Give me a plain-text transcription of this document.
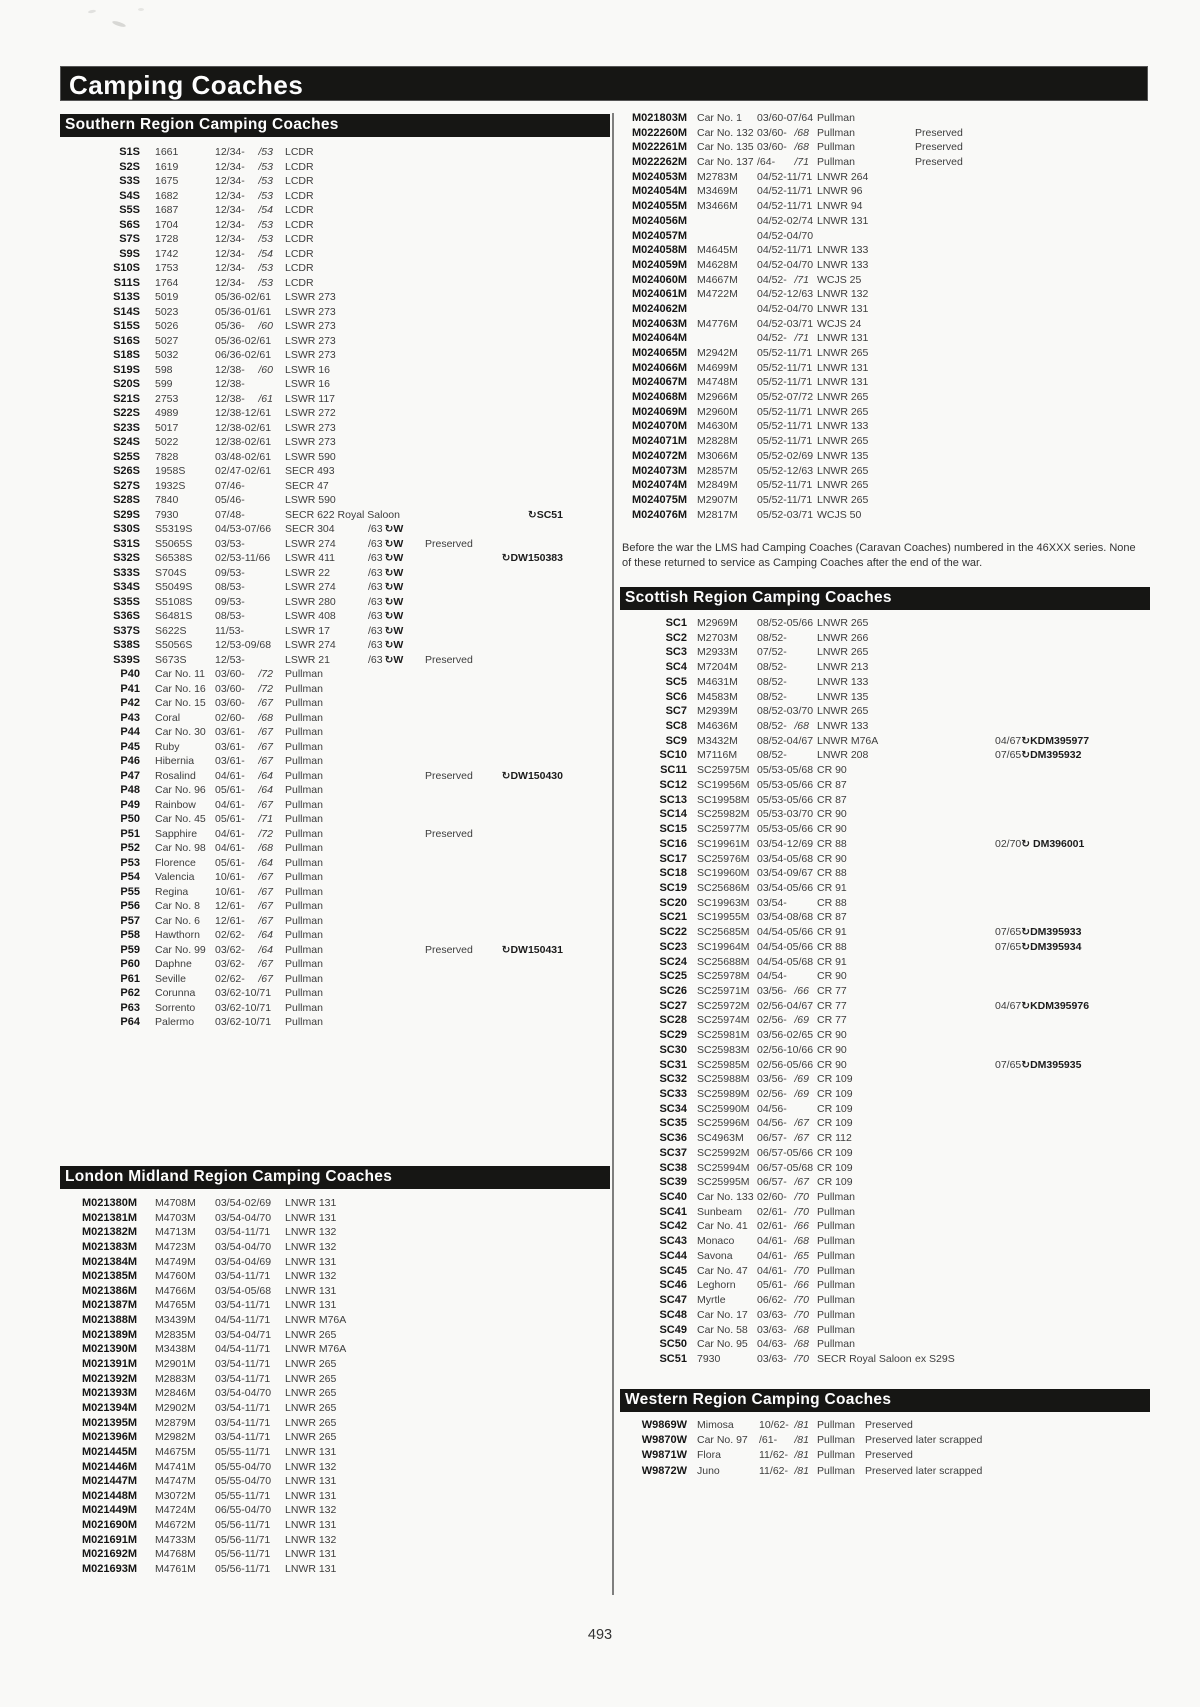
Camping Coaches
Southern Region Camping Coaches
S1S	1661	12/34- /53 LCDR
S2S	1619	12/34- /53 LCDR
S3S	1675	12/34- /53 LCDR
S4S	1682	12/34- /53 LCDR
S5S	1687	12/34- /54 LCDR
S6S	1704	12/34- /53 LCDR
S7S	1728	12/34- /53 LCDR
S9S	1742	12/34- /54 LCDR
S10S	1753	12/34- /53 LCDR
S11S	1764	12/34- /53 LCDR
S13S	5019	05/36-02/61 LSWR 273
S14S	5023	05/36-01/61 LSWR 273
S15S	5026	05/36- /60 LSWR 273
S16S	5027	05/36-02/61 LSWR 273
S18S	5032	06/36-02/61 LSWR 273
S19S	598	12/38- /60 LSWR 16
S20S	599	12/38-	LSWR 16
S21S	2753	12/38- /61 LSWR 117
S22S	4989	12/38-12/61 LSWR 272
S23S	5017	12/38-02/61 LSWR 273
S24S	5022	12/38-02/61 LSWR 273
S25S	7828	03/48-02/61 LSWR 590
S26S	1958S	02/47-02/61 SECR 493
S27S	1932S	07/46-	SECR 47
S28S	7840	05/46-	LSWR 590
S29S	7930	07/48-	SECR 622 Royal Saloon	↻SC51
S30S	S5319S	04/53-07/66 SECR 304	/63 ↻W
S31S	S5065S	03/53-	LSWR 274	/63 ↻W	Preserved
S32S	S6538S	02/53-11/66 LSWR 411	/63 ↻W	↻DW150383
S33S	S704S	09/53-	LSWR 22	/63 ↻W
S34S	S5049S	08/53-	LSWR 274	/63 ↻W
S35S	S5108S	09/53-	LSWR 280	/63 ↻W
S36S	S6481S	08/53-	LSWR 408	/63 ↻W
S37S	S622S	11/53-	LSWR 17	/63 ↻W
S38S	S5056S	12/53-09/68 LSWR 274	/63 ↻W
S39S	S673S	12/53-	LSWR 21	/63 ↻W	Preserved
P40	Car No. 11 03/60- /72 Pullman
P41	Car No. 16 03/60- /72 Pullman
P42	Car No. 15 03/60- /67 Pullman
P43	Coral	02/60- /68 Pullman
P44	Car No. 30 03/61- /67 Pullman
P45	Ruby	03/61- /67 Pullman
P46	Hibernia	03/61- /67 Pullman
P47	Rosalind	04/61- /64 Pullman	Preserved	↻DW150430
P48	Car No. 96 05/61- /64 Pullman
P49	Rainbow	04/61- /67 Pullman
P50	Car No. 45 05/61- /71 Pullman
P51	Sapphire	04/61- /72 Pullman	Preserved
P52	Car No. 98 04/61- /68 Pullman
P53	Florence	05/61- /64 Pullman
P54	Valencia	10/61- /67 Pullman
P55	Regina	10/61- /67 Pullman
P56	Car No. 8	12/61- /67 Pullman
P57	Car No. 6	12/61- /67 Pullman
P58	Hawthorn	02/62- /64 Pullman
P59	Car No. 99 03/62- /64 Pullman	Preserved	↻DW150431
P60	Daphne	03/62- /67 Pullman
P61	Seville	02/62- /67 Pullman
P62	Corunna	03/62-10/71 Pullman
P63	Sorrento	03/62-10/71 Pullman
P64	Palermo	03/62-10/71 Pullman
London Midland Region Camping Coaches
M021380M	M4708M	03/54-02/69 LNWR 131
M021381M	M4703M	03/54-04/70 LNWR 131
M021382M	M4713M	03/54-11/71 LNWR 132
M021383M	M4723M	03/54-04/70 LNWR 132
M021384M	M4749M	03/54-04/69 LNWR 131
M021385M	M4760M	03/54-11/71 LNWR 132
M021386M	M4766M	03/54-05/68 LNWR 131
M021387M	M4765M	03/54-11/71 LNWR 131
M021388M	M3439M	04/54-11/71 LNWR M76A
M021389M	M2835M	03/54-04/71 LNWR 265
M021390M	M3438M	04/54-11/71 LNWR M76A
M021391M	M2901M	03/54-11/71 LNWR 265
M021392M	M2883M	03/54-11/71 LNWR 265
M021393M	M2846M	03/54-04/70 LNWR 265
M021394M	M2902M	03/54-11/71 LNWR 265
M021395M	M2879M	03/54-11/71 LNWR 265
M021396M	M2982M	03/54-11/71 LNWR 265
M021445M	M4675M	05/55-11/71 LNWR 131
M021446M	M4741M	05/55-04/70 LNWR 132
M021447M	M4747M	05/55-04/70 LNWR 131
M021448M	M3072M	05/55-11/71 LNWR 131
M021449M	M4724M	06/55-04/70 LNWR 132
M021690M	M4672M	05/56-11/71 LNWR 131
M021691M	M4733M	05/56-11/71 LNWR 132
M021692M	M4768M	05/56-11/71 LNWR 131
M021693M	M4761M	05/56-11/71 LNWR 131
M021803M Car No. 1	03/60-07/64 Pullman
M022260M Car No. 132 03/60- /68 Pullman	Preserved
M022261M Car No. 135 03/60- /68 Pullman	Preserved
M022262M Car No. 137 /64- /71 Pullman	Preserved
M024053M M2783M	04/52-11/71 LNWR 264
M024054M M3469M	04/52-11/71 LNWR 96
M024055M M3466M	04/52-11/71 LNWR 94
M024056M	04/52-02/74 LNWR 131
M024057M	04/52-04/70
M024058M M4645M	04/52-11/71 LNWR 133
M024059M M4628M	04/52-04/70 LNWR 133
M024060M M4667M	04/52- /71 WCJS 25
M024061M M4722M	04/52-12/63 LNWR 132
M024062M	04/52-04/70 LNWR 131
M024063M M4776M	04/52-03/71 WCJS 24
M024064M	04/52- /71 LNWR 131
M024065M M2942M	05/52-11/71 LNWR 265
M024066M M4699M	05/52-11/71 LNWR 131
M024067M M4748M	05/52-11/71 LNWR 131
M024068M M2966M	05/52-07/72 LNWR 265
M024069M M2960M	05/52-11/71 LNWR 265
M024070M M4630M	05/52-11/71 LNWR 133
M024071M M2828M	05/52-11/71 LNWR 265
M024072M M3066M	05/52-02/69 LNWR 135
M024073M M2857M	05/52-12/63 LNWR 265
M024074M M2849M	05/52-11/71 LNWR 265
M024075M M2907M	05/52-11/71 LNWR 265
M024076M M2817M	05/52-03/71 WCJS 50
Before the war the LMS had Camping Coaches (Caravan Coaches) numbered in the 46XXX series. None
of these returned to service as Camping Coaches after the end of the war.
Scottish Region Camping Coaches
SC1 M2969M	08/52-05/66 LNWR 265
SC2 M2703M	08/52-	LNWR 266
SC3 M2933M	07/52-	LNWR 265
SC4 M7204M	08/52-	LNWR 213
SC5 M4631M	08/52-	LNWR 133
SC6 M4583M	08/52-	LNWR 135
SC7 M2939M	08/52-03/70 LNWR 265
SC8 M4636M	08/52- /68 LNWR 133
SC9 M3432M	08/52-04/67 LNWR M76A	04/67↻KDM395977
SC10 M7116M	08/52-	LNWR 208	07/65↻DM395932
SC11 SC25975M 05/53-05/68 CR 90
SC12 SC19956M 05/53-05/66 CR 87
SC13 SC19958M 05/53-05/66 CR 87
SC14 SC25982M 05/53-03/70 CR 90
SC15 SC25977M 05/53-05/66 CR 90
SC16 SC19961M 03/54-12/69 CR 88	02/70↻ DM396001
SC17 SC25976M 03/54-05/68 CR 90
SC18 SC19960M 03/54-09/67 CR 88
SC19 SC25686M 03/54-05/66 CR 91
SC20 SC19963M 03/54-	CR 88
SC21 SC19955M 03/54-08/68 CR 87
SC22 SC25685M 04/54-05/66 CR 91	07/65↻DM395933
SC23 SC19964M 04/54-05/66 CR 88	07/65↻DM395934
SC24 SC25688M 04/54-05/68 CR 91
SC25 SC25978M 04/54-	CR 90
SC26 SC25971M 03/56- /66 CR 77
SC27 SC25972M 02/56-04/67 CR 77	04/67↻KDM395976
SC28 SC25974M 02/56- /69 CR 77
SC29 SC25981M 03/56-02/65 CR 90
SC30 SC25983M 02/56-10/66 CR 90
SC31 SC25985M 02/56-05/66 CR 90	07/65↻DM395935
SC32 SC25988M 03/56- /69 CR 109
SC33 SC25989M 02/56- /69 CR 109
SC34 SC25990M 04/56-	CR 109
SC35 SC25996M 04/56- /67 CR 109
SC36 SC4963M	06/57- /67 CR 112
SC37 SC25992M 06/57-05/66 CR 109
SC38 SC25994M 06/57-05/68 CR 109
SC39 SC25995M 06/57- /67 CR 109
SC40 Car No. 133 02/60- /70 Pullman
SC41 Sunbeam	02/61- /70 Pullman
SC42 Car No. 41 02/61- /66 Pullman
SC43 Monaco	04/61- /68 Pullman
SC44 Savona	04/61- /65 Pullman
SC45 Car No. 47 04/61- /70 Pullman
SC46 Leghorn	05/61- /66 Pullman
SC47 Myrtle	06/62- /70 Pullman
SC48 Car No. 17 03/63- /70 Pullman
SC49 Car No. 58 03/63- /68 Pullman
SC50 Car No. 95 04/63- /68 Pullman
SC51 7930	03/63- /70 SECR Royal Saloon ex S29S
Western Region Camping Coaches
W9869W Mimosa	10/62- /81 Pullman Preserved
W9870W Car No. 97	/61- /81 Pullman Preserved later scrapped
W9871W Flora	11/62- /81 Pullman Preserved
W9872W Juno	11/62- /81 Pullman Preserved later scrapped
493
